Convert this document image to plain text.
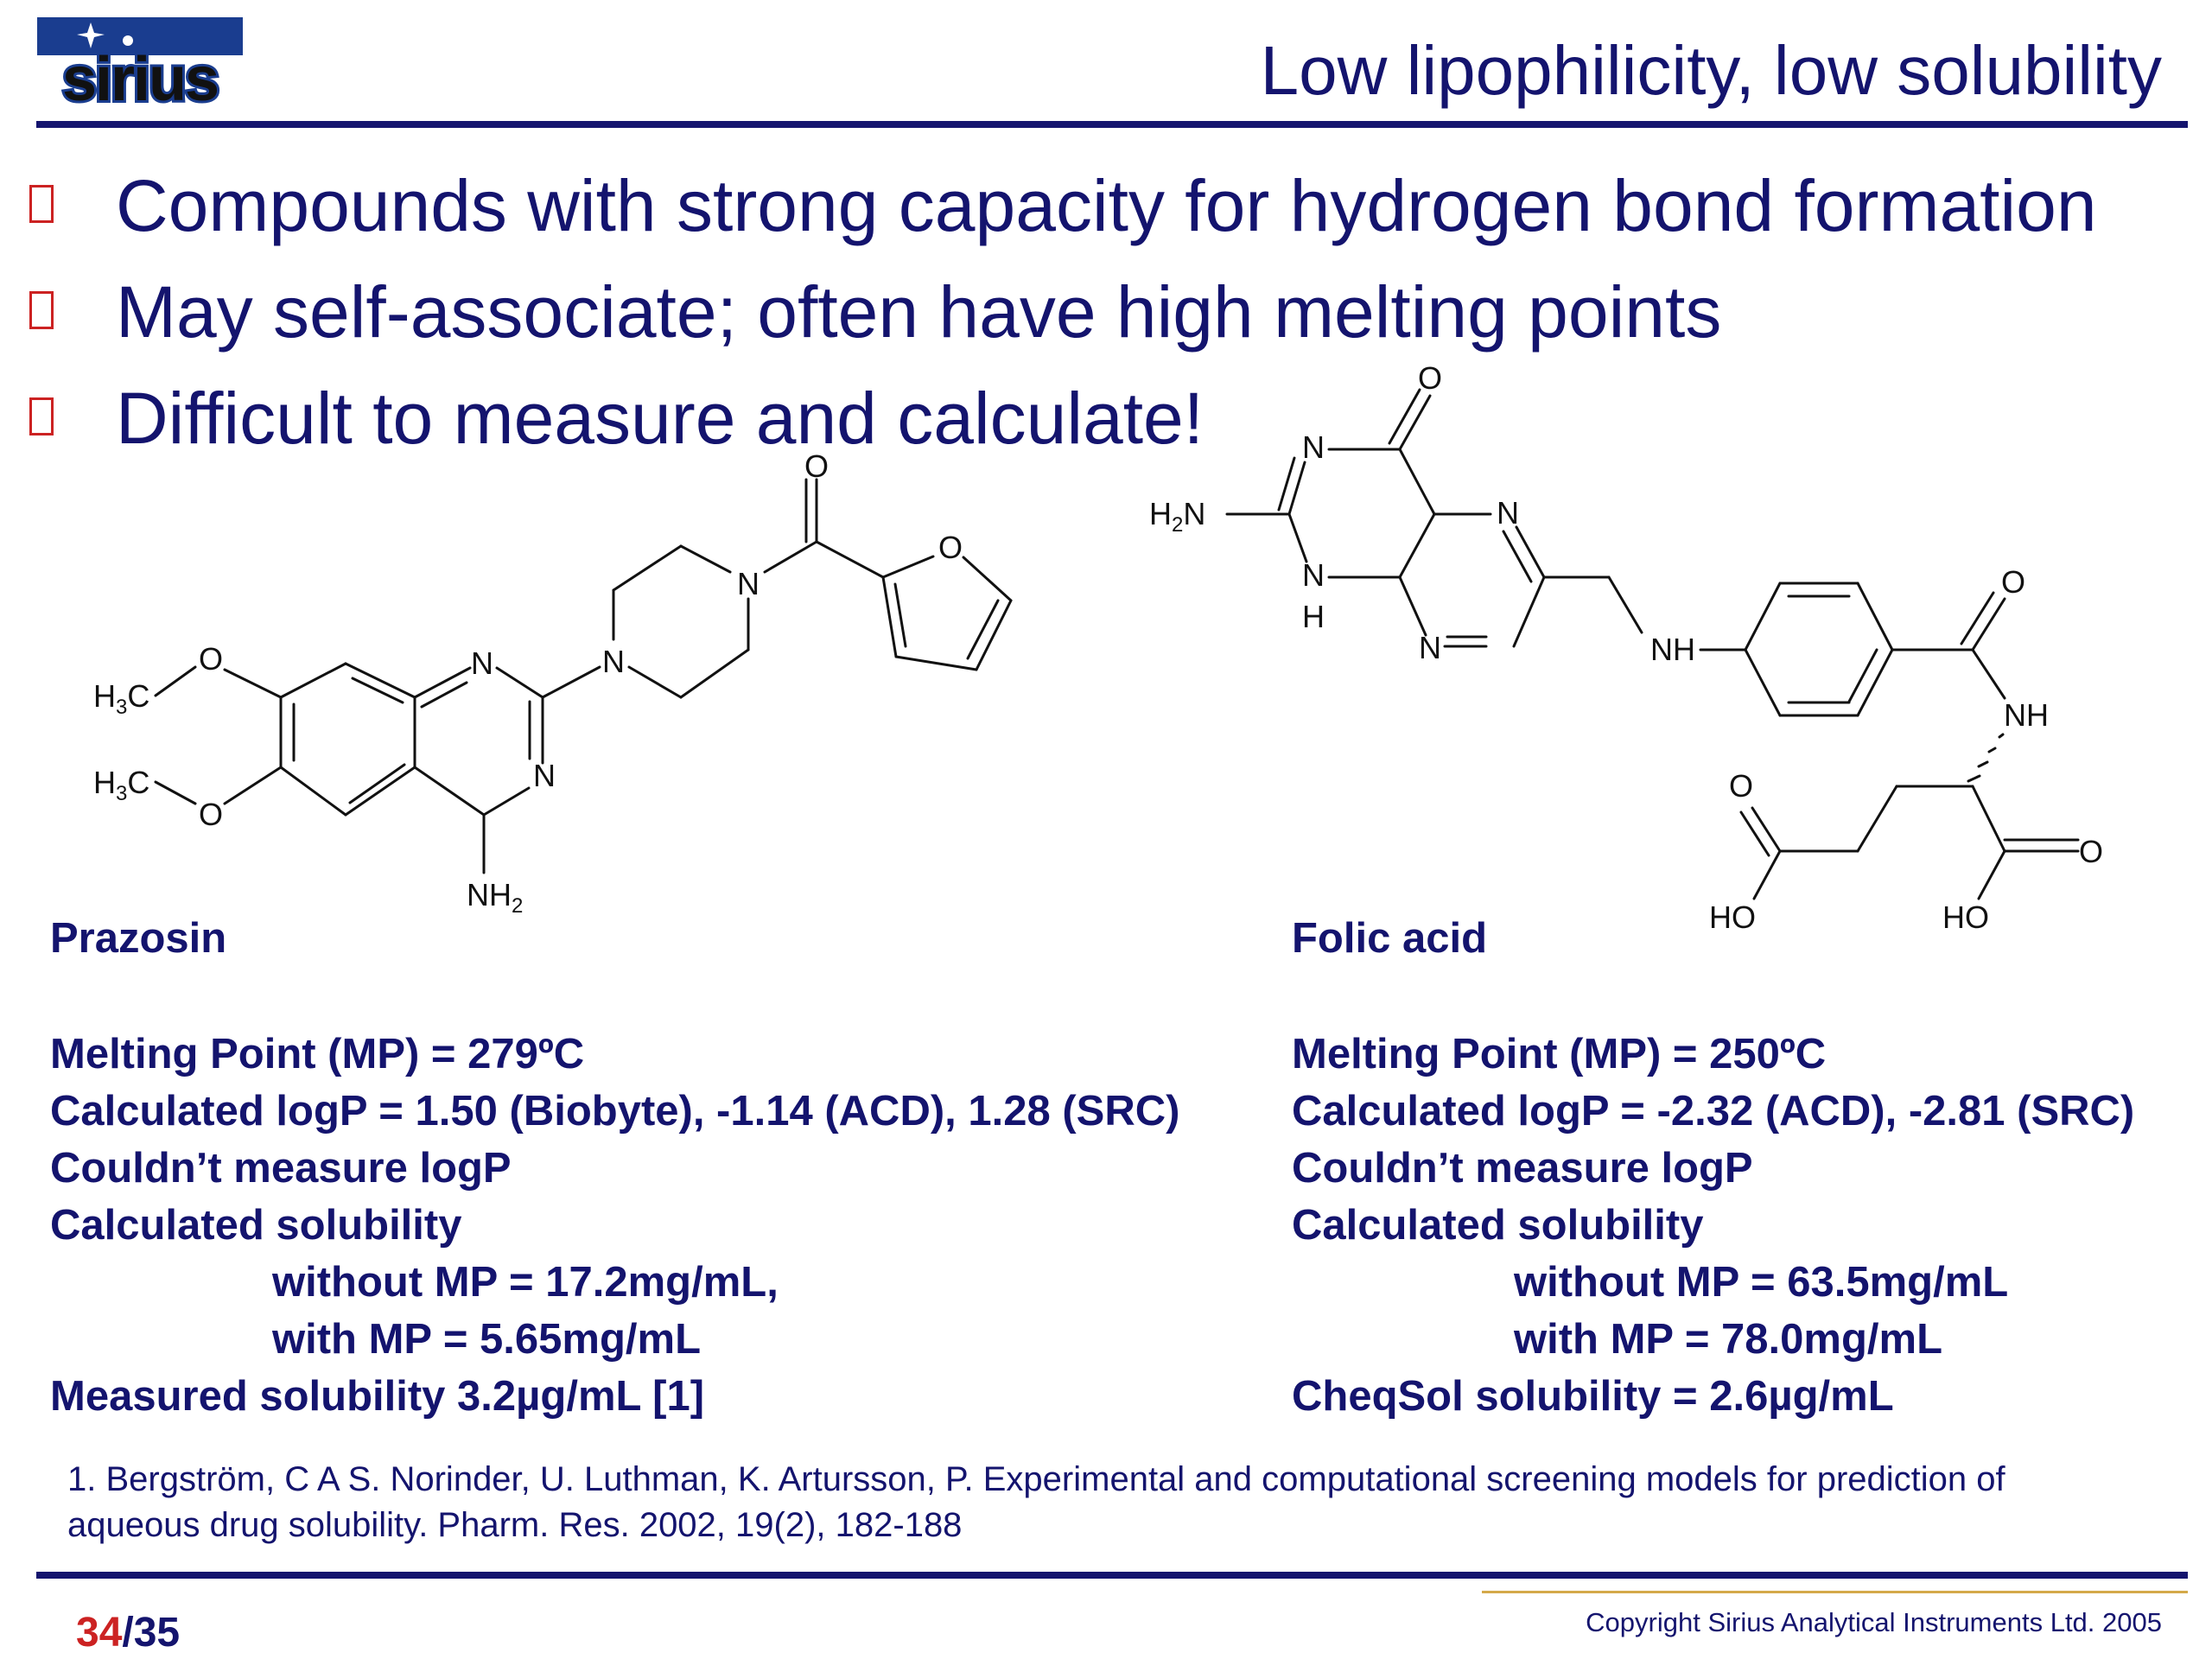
sirius	Low lipophilicity, low solubility
Compounds with strong capacity for hydrogen bond formation
May self-associate; often have high melting points
Difficult to measure and calculate!
O
O
N
N
N
N
O
O
$H_3C$
$H_3C$
$NH_2$
O
N
N
H
$H_2N$	N
N	NH
O
NH
O
HO
O
HO
Prazosin
Melting Point (MP) = 279ºC
Calculated logP = 1.50 (Biobyte), -1.14 (ACD), 1.28 (SRC)
Couldn’t measure logP
Calculated solubility
without MP = 17.2mg/mL,
with MP = 5.65mg/mL
Measured solubility 3.2µg/mL [1]
Folic acid
Melting Point (MP) = 250ºC
Calculated logP = -2.32 (ACD), -2.81 (SRC)
Couldn’t measure logP
Calculated solubility
without MP = 63.5mg/mL
with MP = 78.0mg/mL
CheqSol solubility = 2.6µg/mL
1. Bergström, C A S. Norinder, U. Luthman, K. Artursson, P. Experimental and computational screening models for prediction of
aqueous drug solubility. Pharm. Res. 2002, 19(2), 182-188
34/35	Copyright Sirius Analytical Instruments Ltd. 2005
